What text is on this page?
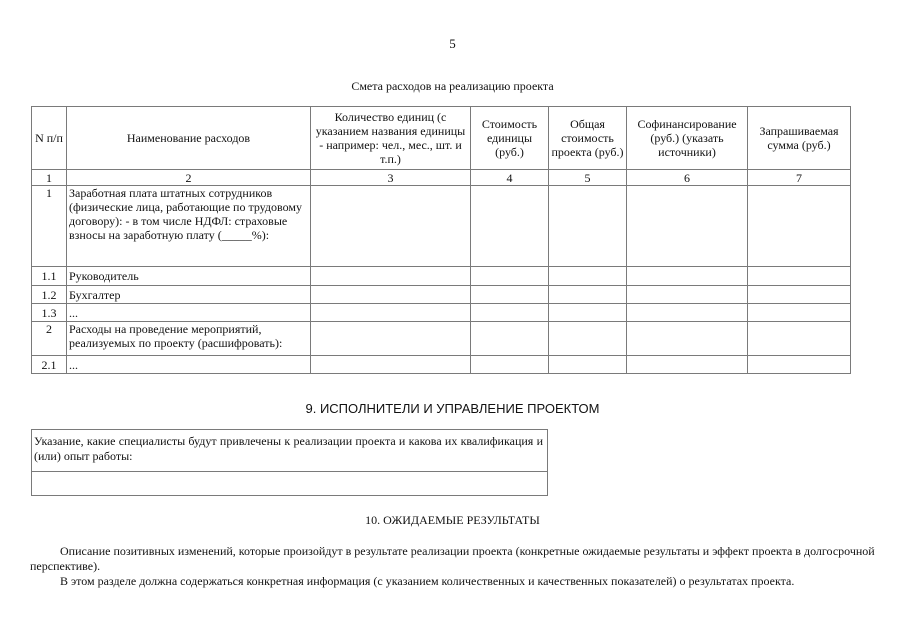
5
Смета расходов на реализацию проекта
N п/п	Наименование расходов	Количество единиц (с указанием названия единицы - например: чел., мес., шт. и т.п.)	Стоимость единицы (руб.)	Общая стоимость проекта (руб.)	Софинансирование (руб.) (указать источники)	Запрашиваемая сумма (руб.)
1	2	3	4	5	6	7
1	Заработная плата штатных сотрудников (физические лица, работающие по трудовому договору): - в том числе НДФЛ: страховые взносы на заработную плату (_____%):					
1.1	Руководитель					
1.2	Бухгалтер					
1.3	...					
2	Расходы на проведение мероприятий, реализуемых по проекту (расшифровать):					
2.1	...					
9. ИСПОЛНИТЕЛИ И УПРАВЛЕНИЕ ПРОЕКТОМ
Указание, какие специалисты будут привлечены к реализации проекта и какова их квалификация и (или) опыт работы:
10. ОЖИДАЕМЫЕ РЕЗУЛЬТАТЫ

Описание позитивных изменений, которые произойдут в результате реализации проекта (конкретные ожидаемые результаты и эффект проекта в долгосрочной перспективе).

В этом разделе должна содержаться конкретная информация (с указанием количественных и качественных показателей) о результатах проекта.
